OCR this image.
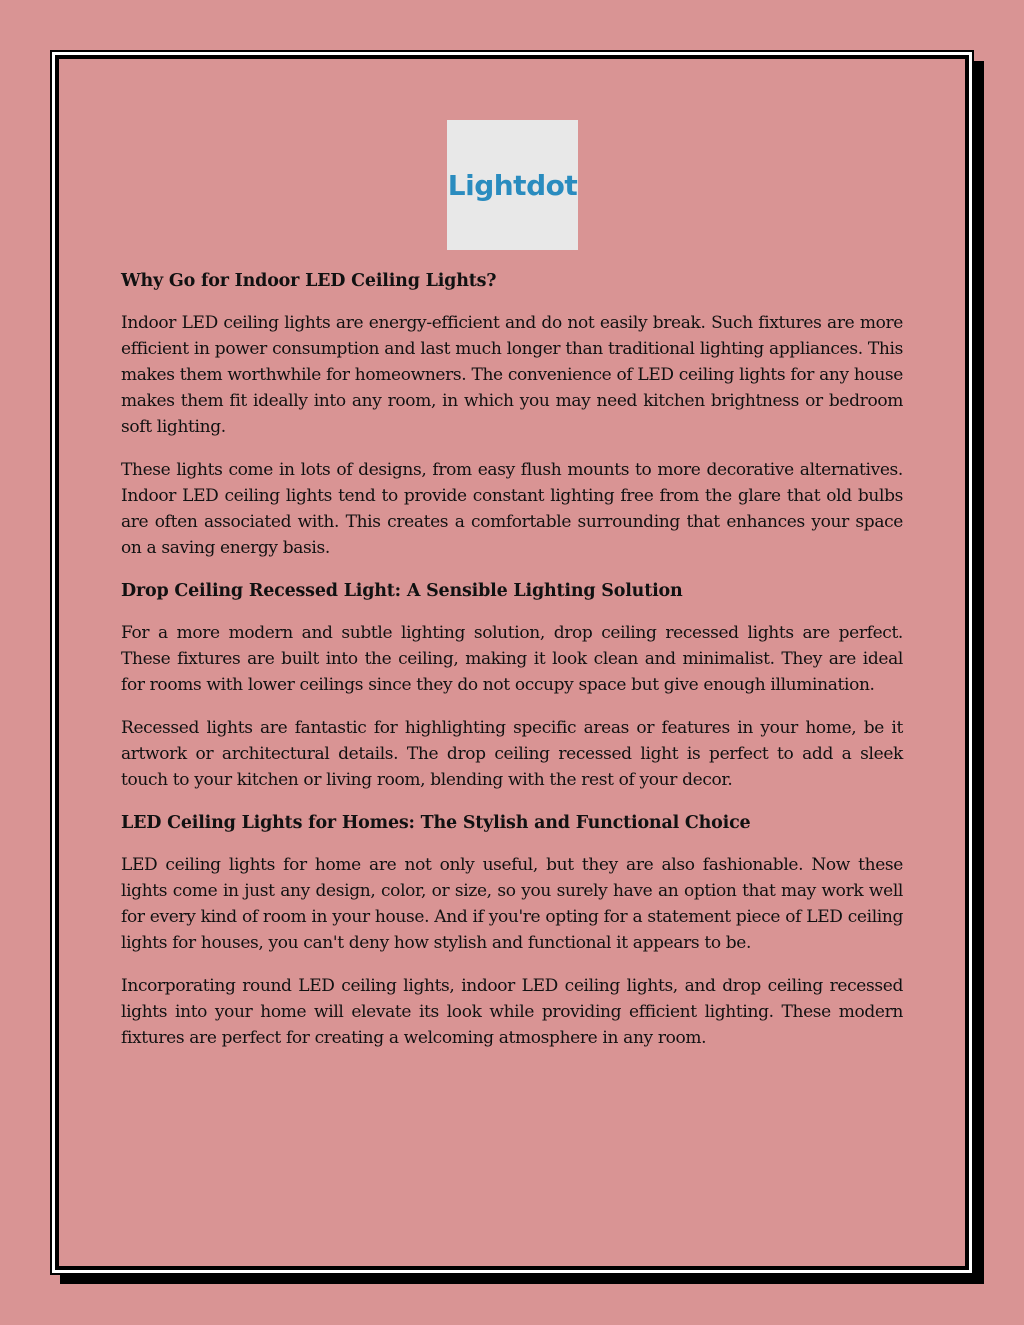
Lightdot
Why Go for Indoor LED Ceiling Lights?

Indoor LED ceiling lights are energy-efficient and do not easily break. Such fixtures are more efficient in power consumption and last much longer than traditional lighting appliances. This makes them worthwhile for homeowners. The convenience of LED ceiling lights for any house makes them fit ideally into any room, in which you may need kitchen brightness or bedroom soft lighting.

These lights come in lots of designs, from easy flush mounts to more decorative alternatives. Indoor LED ceiling lights tend to provide constant lighting free from the glare that old bulbs are often associated with. This creates a comfortable surrounding that enhances your space on a saving energy basis.

Drop Ceiling Recessed Light: A Sensible Lighting Solution

For a more modern and subtle lighting solution, drop ceiling recessed lights are perfect. These fixtures are built into the ceiling, making it look clean and minimalist. They are ideal for rooms with lower ceilings since they do not occupy space but give enough illumination.

Recessed lights are fantastic for highlighting specific areas or features in your home, be it artwork or architectural details. The drop ceiling recessed light is perfect to add a sleek touch to your kitchen or living room, blending with the rest of your decor.

LED Ceiling Lights for Homes: The Stylish and Functional Choice

LED ceiling lights for home are not only useful, but they are also fashionable. Now these lights come in just any design, color, or size, so you surely have an option that may work well for every kind of room in your house. And if you're opting for a statement piece of LED ceiling lights for houses, you can't deny how stylish and functional it appears to be.

Incorporating round LED ceiling lights, indoor LED ceiling lights, and drop ceiling recessed lights into your home will elevate its look while providing efficient lighting. These modern fixtures are perfect for creating a welcoming atmosphere in any room.
